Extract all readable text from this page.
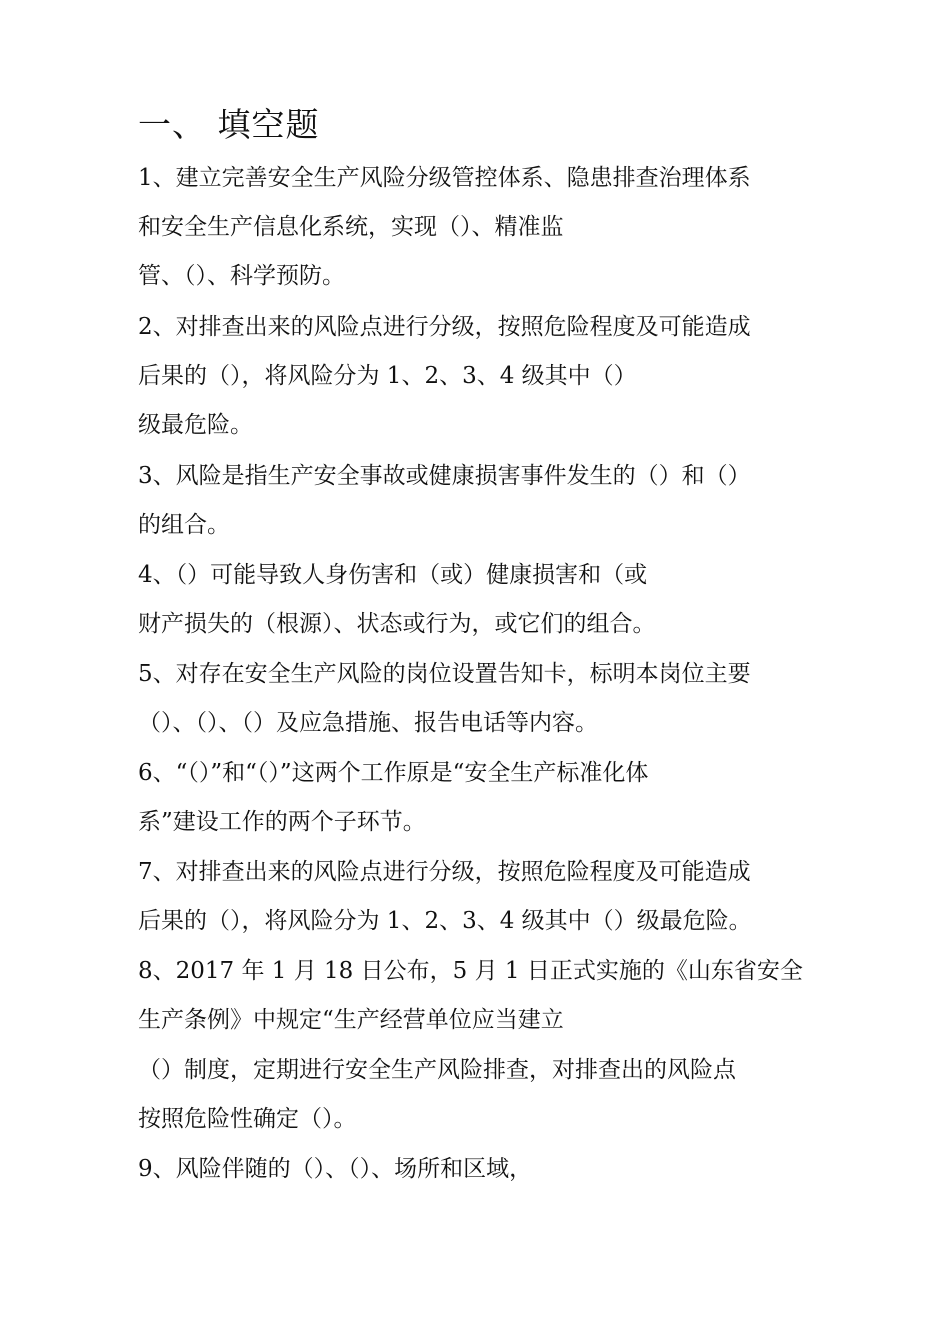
一、 填空题
1、建立完善安全生产风险分级管控体系、隐患排查治理体系
和安全生产信息化系统，实现（）、精准监
管、（）、科学预防。
2、对排查出来的风险点进行分级，按照危险程度及可能造成
后果的（），将风险分为 1、2、3、4 级其中（）
级最危险。
3、风险是指生产安全事故或健康损害事件发生的（）和（）
的组合。
4、（）可能导致人身伤害和（或）健康损害和（或
财产损失的（根源）、状态或行为，或它们的组合。
5、对存在安全生产风险的岗位设置告知卡，标明本岗位主要
（）、（）、（）及应急措施、报告电话等内容。
6、“（）”和“（）”这两个工作原是“安全生产标准化体
系”建设工作的两个子环节。
7、对排查出来的风险点进行分级，按照危险程度及可能造成
后果的（），将风险分为 1、2、3、4 级其中（）级最危险。
8、2017 年 1 月 18 日公布，5 月 1 日正式实施的《山东省安全
生产条例》中规定“生产经营单位应当建立
（）制度，定期进行安全生产风险排查，对排查出的风险点
按照危险性确定（）。
9、风险伴随的（）、（）、场所和区域，
